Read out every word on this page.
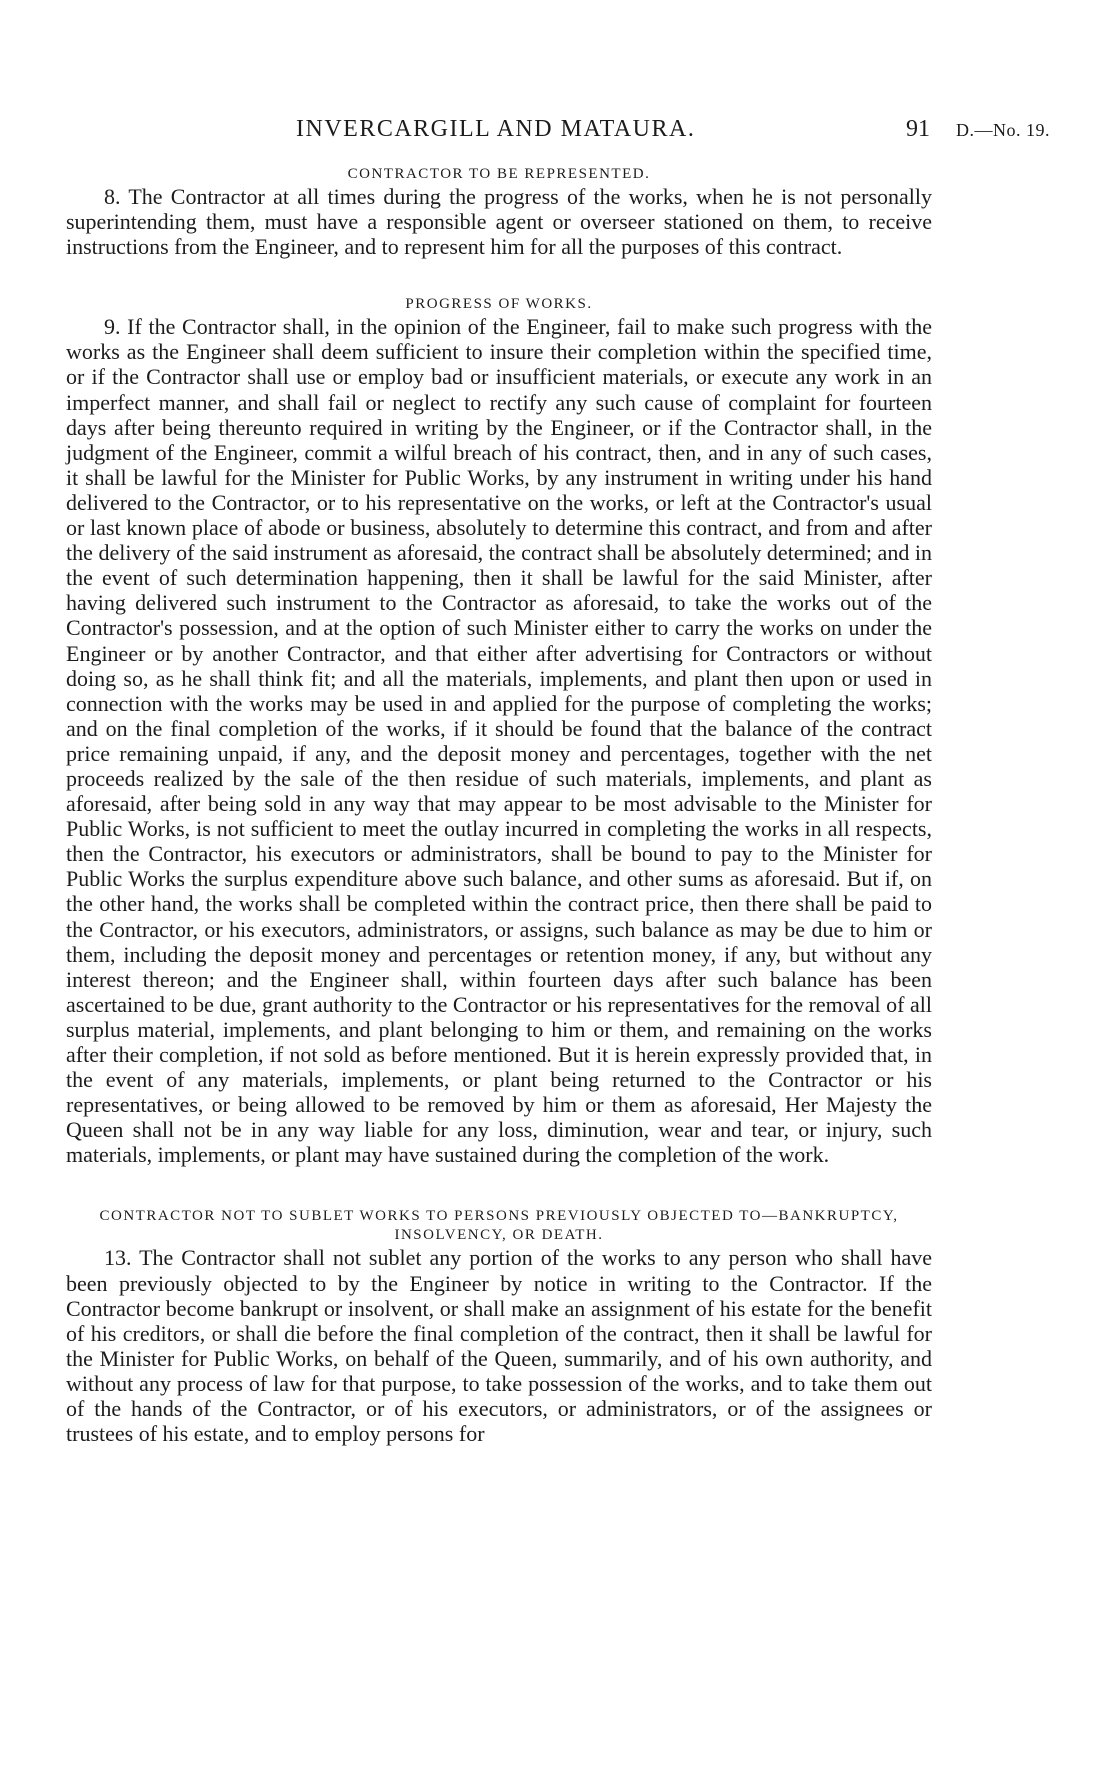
INVERCARGILL AND MATAURA.	91 D.—No. 19.

CONTRACTOR TO BE REPRESENTED.

8. The Contractor at all times during the progress of the works, when he is not personally superintending them, must have a responsible agent or overseer stationed on them, to receive instructions from the Engineer, and to represent him for all the purposes of this contract.

PROGRESS OF WORKS.

9. If the Contractor shall, in the opinion of the Engineer, fail to make such progress with the works as the Engineer shall deem sufficient to insure their completion within the specified time, or if the Contractor shall use or employ bad or insufficient materials, or execute any work in an imperfect manner, and shall fail or neglect to rectify any such cause of complaint for fourteen days after being thereunto required in writing by the Engineer, or if the Contractor shall, in the judgment of the Engineer, commit a wilful breach of his contract, then, and in any of such cases, it shall be lawful for the Minister for Public Works, by any instrument in writing under his hand delivered to the Contractor, or to his representative on the works, or left at the Contractor's usual or last known place of abode or business, absolutely to determine this contract, and from and after the delivery of the said instrument as aforesaid, the contract shall be absolutely determined; and in the event of such determination happening, then it shall be lawful for the said Minister, after having delivered such instrument to the Contractor as aforesaid, to take the works out of the Contractor's possession, and at the option of such Minister either to carry the works on under the Engineer or by another Contractor, and that either after advertising for Contractors or without doing so, as he shall think fit; and all the materials, implements, and plant then upon or used in connection with the works may be used in and applied for the purpose of completing the works; and on the final completion of the works, if it should be found that the balance of the contract price remaining unpaid, if any, and the deposit money and percentages, together with the net proceeds realized by the sale of the then residue of such materials, implements, and plant as aforesaid, after being sold in any way that may appear to be most advisable to the Minister for Public Works, is not sufficient to meet the outlay incurred in completing the works in all respects, then the Contractor, his executors or administrators, shall be bound to pay to the Minister for Public Works the surplus expenditure above such balance, and other sums as aforesaid. But if, on the other hand, the works shall be completed within the contract price, then there shall be paid to the Contractor, or his executors, administrators, or assigns, such balance as may be due to him or them, including the deposit money and percentages or retention money, if any, but without any interest thereon; and the Engineer shall, within fourteen days after such balance has been ascertained to be due, grant authority to the Contractor or his representatives for the removal of all surplus material, implements, and plant belonging to him or them, and remaining on the works after their completion, if not sold as before mentioned. But it is herein expressly provided that, in the event of any materials, implements, or plant being returned to the Contractor or his representatives, or being allowed to be removed by him or them as aforesaid, Her Majesty the Queen shall not be in any way liable for any loss, diminution, wear and tear, or injury, such materials, implements, or plant may have sustained during the completion of the work.

CONTRACTOR NOT TO SUBLET WORKS TO PERSONS PREVIOUSLY OBJECTED TO—BANKRUPTCY, INSOLVENCY, OR DEATH.

13. The Contractor shall not sublet any portion of the works to any person who shall have been previously objected to by the Engineer by notice in writing to the Contractor. If the Contractor become bankrupt or insolvent, or shall make an assignment of his estate for the benefit of his creditors, or shall die before the final completion of the contract, then it shall be lawful for the Minister for Public Works, on behalf of the Queen, summarily, and of his own authority, and without any process of law for that purpose, to take possession of the works, and to take them out of the hands of the Contractor, or of his executors, or administrators, or of the assignees or trustees of his estate, and to employ persons for
